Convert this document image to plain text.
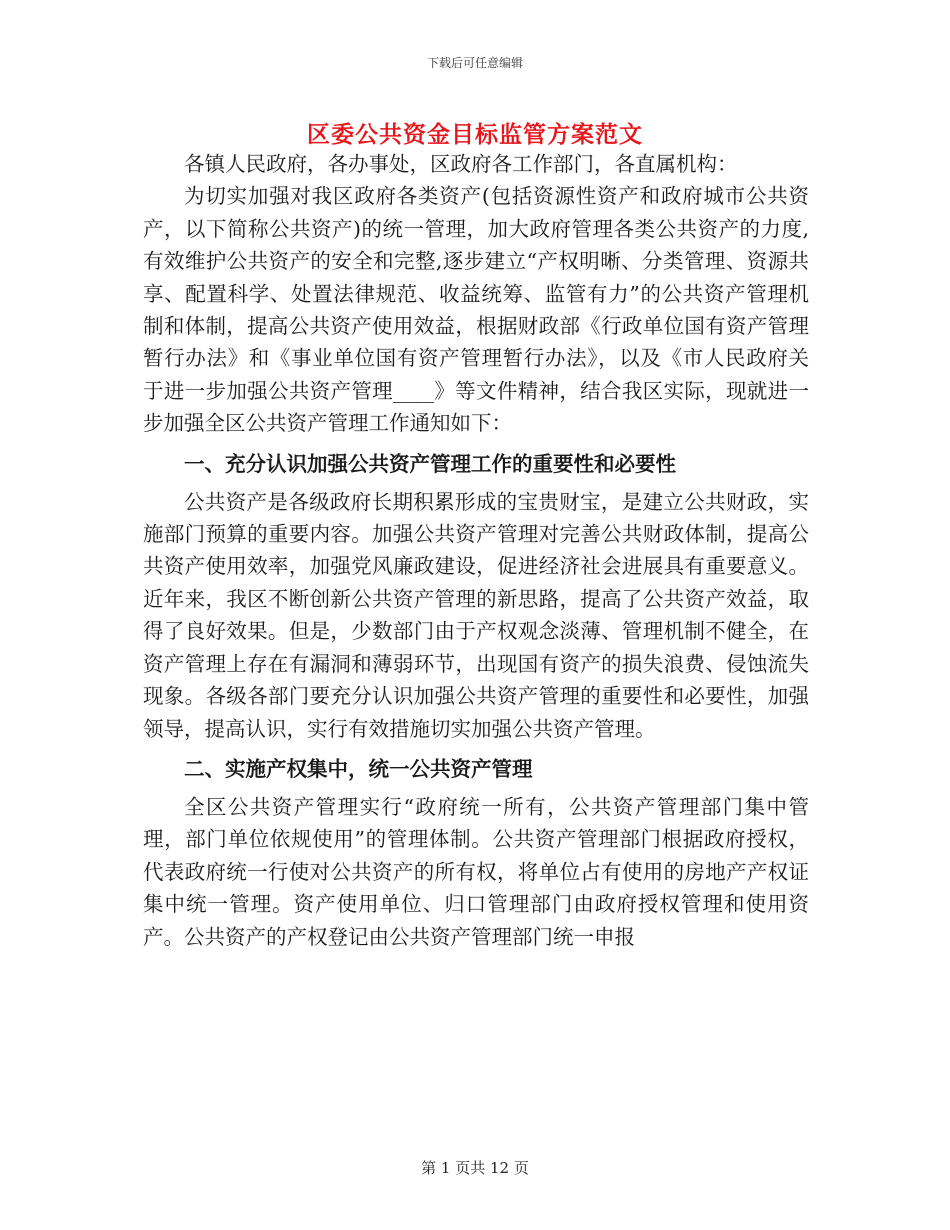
下载后可任意编辑
区委公共资金目标监管方案范文

各镇人民政府，各办事处，区政府各工作部门，各直属机构：

为切实加强对我区政府各类资产(包括资源性资产和政府城市公共资产，以下简称公共资产)的统一管理，加大政府管理各类公共资产的力度,有效维护公共资产的安全和完整,逐步建立“产权明晰、分类管理、资源共享、配置科学、处置法律规范、收益统筹、监管有力”的公共资产管理机制和体制，提高公共资产使用效益，根据财政部《行政单位国有资产管理暂行办法》和《事业单位国有资产管理暂行办法》，以及《市人民政府关于进一步加强公共资产管理____》等文件精神，结合我区实际，现就进一步加强全区公共资产管理工作通知如下：

一、充分认识加强公共资产管理工作的重要性和必要性

公共资产是各级政府长期积累形成的宝贵财宝，是建立公共财政，实施部门预算的重要内容。加强公共资产管理对完善公共财政体制，提高公共资产使用效率，加强党风廉政建设，促进经济社会进展具有重要意义。近年来，我区不断创新公共资产管理的新思路，提高了公共资产效益，取得了良好效果。但是，少数部门由于产权观念淡薄、管理机制不健全，在资产管理上存在有漏洞和薄弱环节，出现国有资产的损失浪费、侵蚀流失现象。各级各部门要充分认识加强公共资产管理的重要性和必要性，加强领导，提高认识，实行有效措施切实加强公共资产管理。

二、实施产权集中，统一公共资产管理

全区公共资产管理实行“政府统一所有，公共资产管理部门集中管理，部门单位依规使用”的管理体制。公共资产管理部门根据政府授权，代表政府统一行使对公共资产的所有权，将单位占有使用的房地产产权证集中统一管理。资产使用单位、归口管理部门由政府授权管理和使用资产。公共资产的产权登记由公共资产管理部门统一申报

第 1 页共 12 页
